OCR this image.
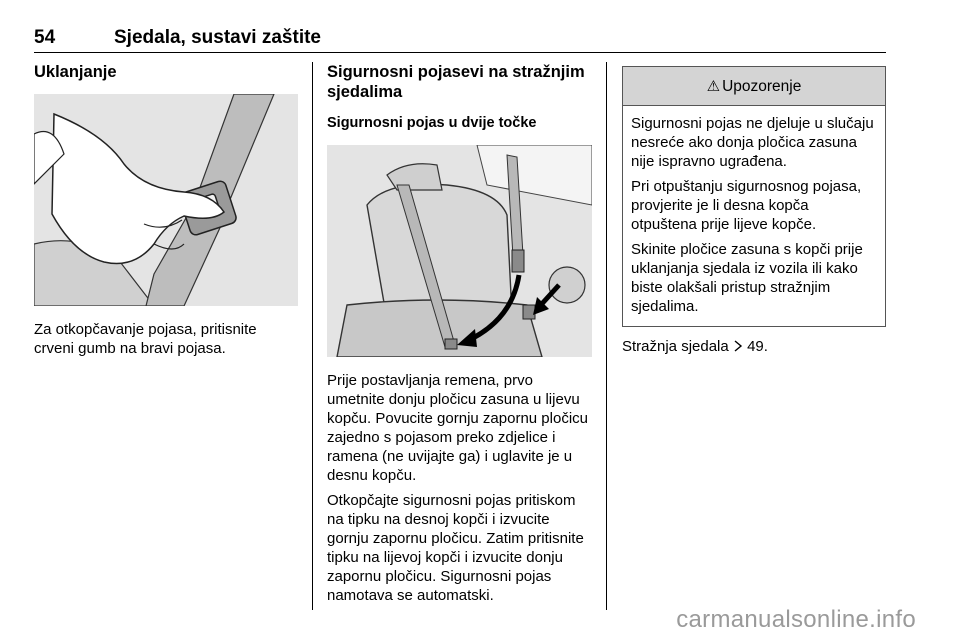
54	Sjedala, sustavi zaštite
Uklanjanje

Za otkopčavanje pojasa, pritisnite crveni gumb na bravi pojasa.

Sigurnosni pojasevi na stražnjim sjedalima
Sigurnosni pojas u dvije točke

Prije postavljanja remena, prvo umetnite donju pločicu zasuna u lijevu kopču. Povucite gornju zapornu pločicu zajedno s pojasom preko zdjelice i ramena (ne uvijajte ga) i uglavite je u desnu kopču.

Otkopčajte sigurnosni pojas pritiskom na tipku na desnoj kopči i izvucite gornju zapornu pločicu. Zatim pritisnite tipku na lijevoj kopči i izvucite donju zapornu pločicu. Sigurnosni pojas namotava se automatski.

⚠ Upozorenje

Sigurnosni pojas ne djeluje u slučaju nesreće ako donja pločica zasuna nije ispravno ugrađena.

Pri otpuštanju sigurnosnog pojasa, provjerite je li desna kopča otpuštena prije lijeve kopče.

Skinite pločice zasuna s kopči prije uklanjanja sjedala iz vozila ili kako biste olakšali pristup stražnjim sjedalima.

Stražnja sjedala 49.

carmanualsonline.info
